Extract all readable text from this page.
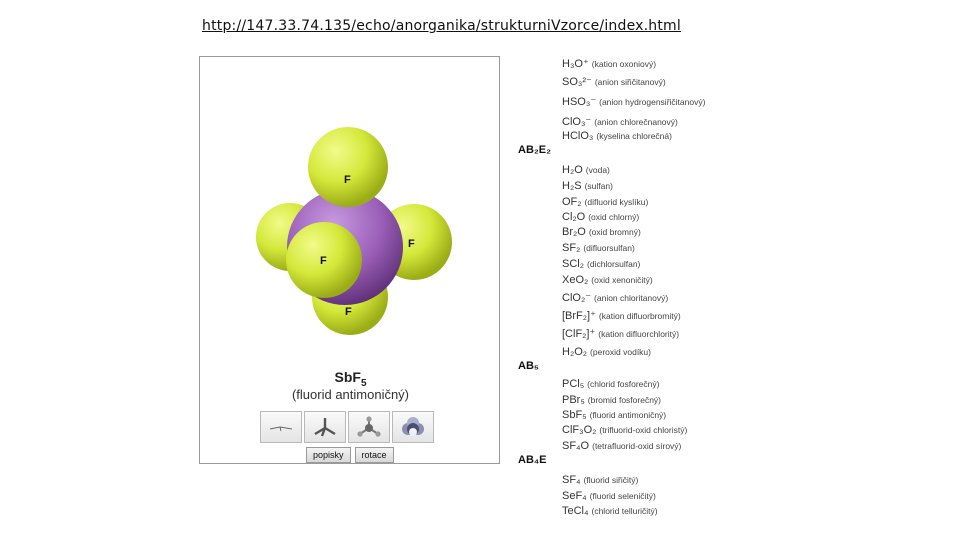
http://147.33.74.135/echo/anorganika/strukturniVzorce/index.html
F
F
F
F
SbF$_5$
(fluorid antimoničný)
popisky	rotace
H₃O⁺ (kation oxoniový)
SO₃²⁻ (anion siřičitanový)
HSO₃⁻ (anion hydrogensiřičitanový)
ClO₃⁻ (anion chlorečnanový)
HClO₃ (kyselina chlorečná)
AB₂E₂
H₂O (voda)
H₂S (sulfan)
OF₂ (difluorid kyslíku)
Cl₂O (oxid chlorný)
Br₂O (oxid bromný)
SF₂ (difluorsulfan)
SCl₂ (dichlorsulfan)
XeO₂ (oxid xenoničitý)
ClO₂⁻ (anion chloritanový)
[BrF₂]⁺ (kation difluorbromitý)
[ClF₂]⁺ (kation difluorchloritý)
H₂O₂ (peroxid vodíku)
AB₅
PCl₅ (chlorid fosforečný)
PBr₅ (bromid fosforečný)
SbF₅ (fluorid antimoničný)
ClF₃O₂ (trifluorid-oxid chloristý)
SF₄O (tetrafluorid-oxid sírový)
AB₄E
SF₄ (fluorid siřičitý)
SeF₄ (fluorid seleničitý)
TeCl₄ (chlorid telluričitý)
